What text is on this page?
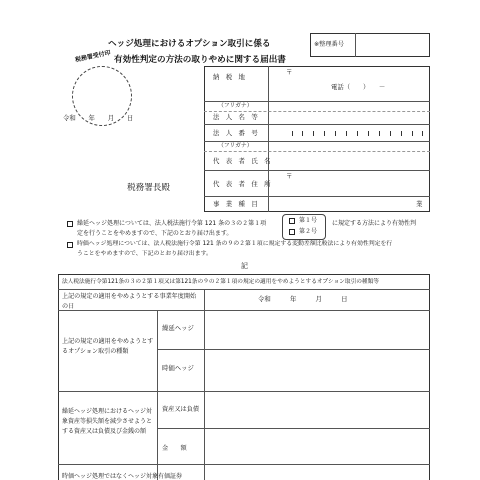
ヘッジ処理におけるオプション取引に係る
有効性判定の方法の取りやめに関する届出書
※整理番号
税務署受付印
令和　　年　　月　　日
税務署長殿
納　税　地
〒
電話（　　）　　－
（フリガナ）
法　人　名　等
法　人　番　号
（フリガナ）
代　表　者　氏　名
代　表　者　住　所
〒
事　業　種　目	業
繰延ヘッジ処理については、法人税法施行令第 121 条の３の２第１項	に規定する方法により有効性判
定を行うことをやめますので、下記のとおり届け出ます。
第１号
第２号
時価ヘッジ処理については、法人税法施行令第 121 条の９の２第１項に規定する変動差額比較法により有効性判定を行
うことをやめますので、下記のとおり届け出ます。
記
法人税法施行令第121条の３の２第１項又は第121条の９の２第１項の規定の適用をやめようとするオプション取引の種類等
上記の規定の適用をやめようとする事業年度開始の日
令和　　　年　　　月　　　日
上記の規定の適用をやめようとするオプション取引の種類
繰延ヘッジ
時価ヘッジ
繰延ヘッジ処理におけるヘッジ対象資産等損失額を減少させようとする資産又は負債及び金銭の額
資産又は負債
金　　額
時価ヘッジ処理ではなくヘッジ対象有価証券
